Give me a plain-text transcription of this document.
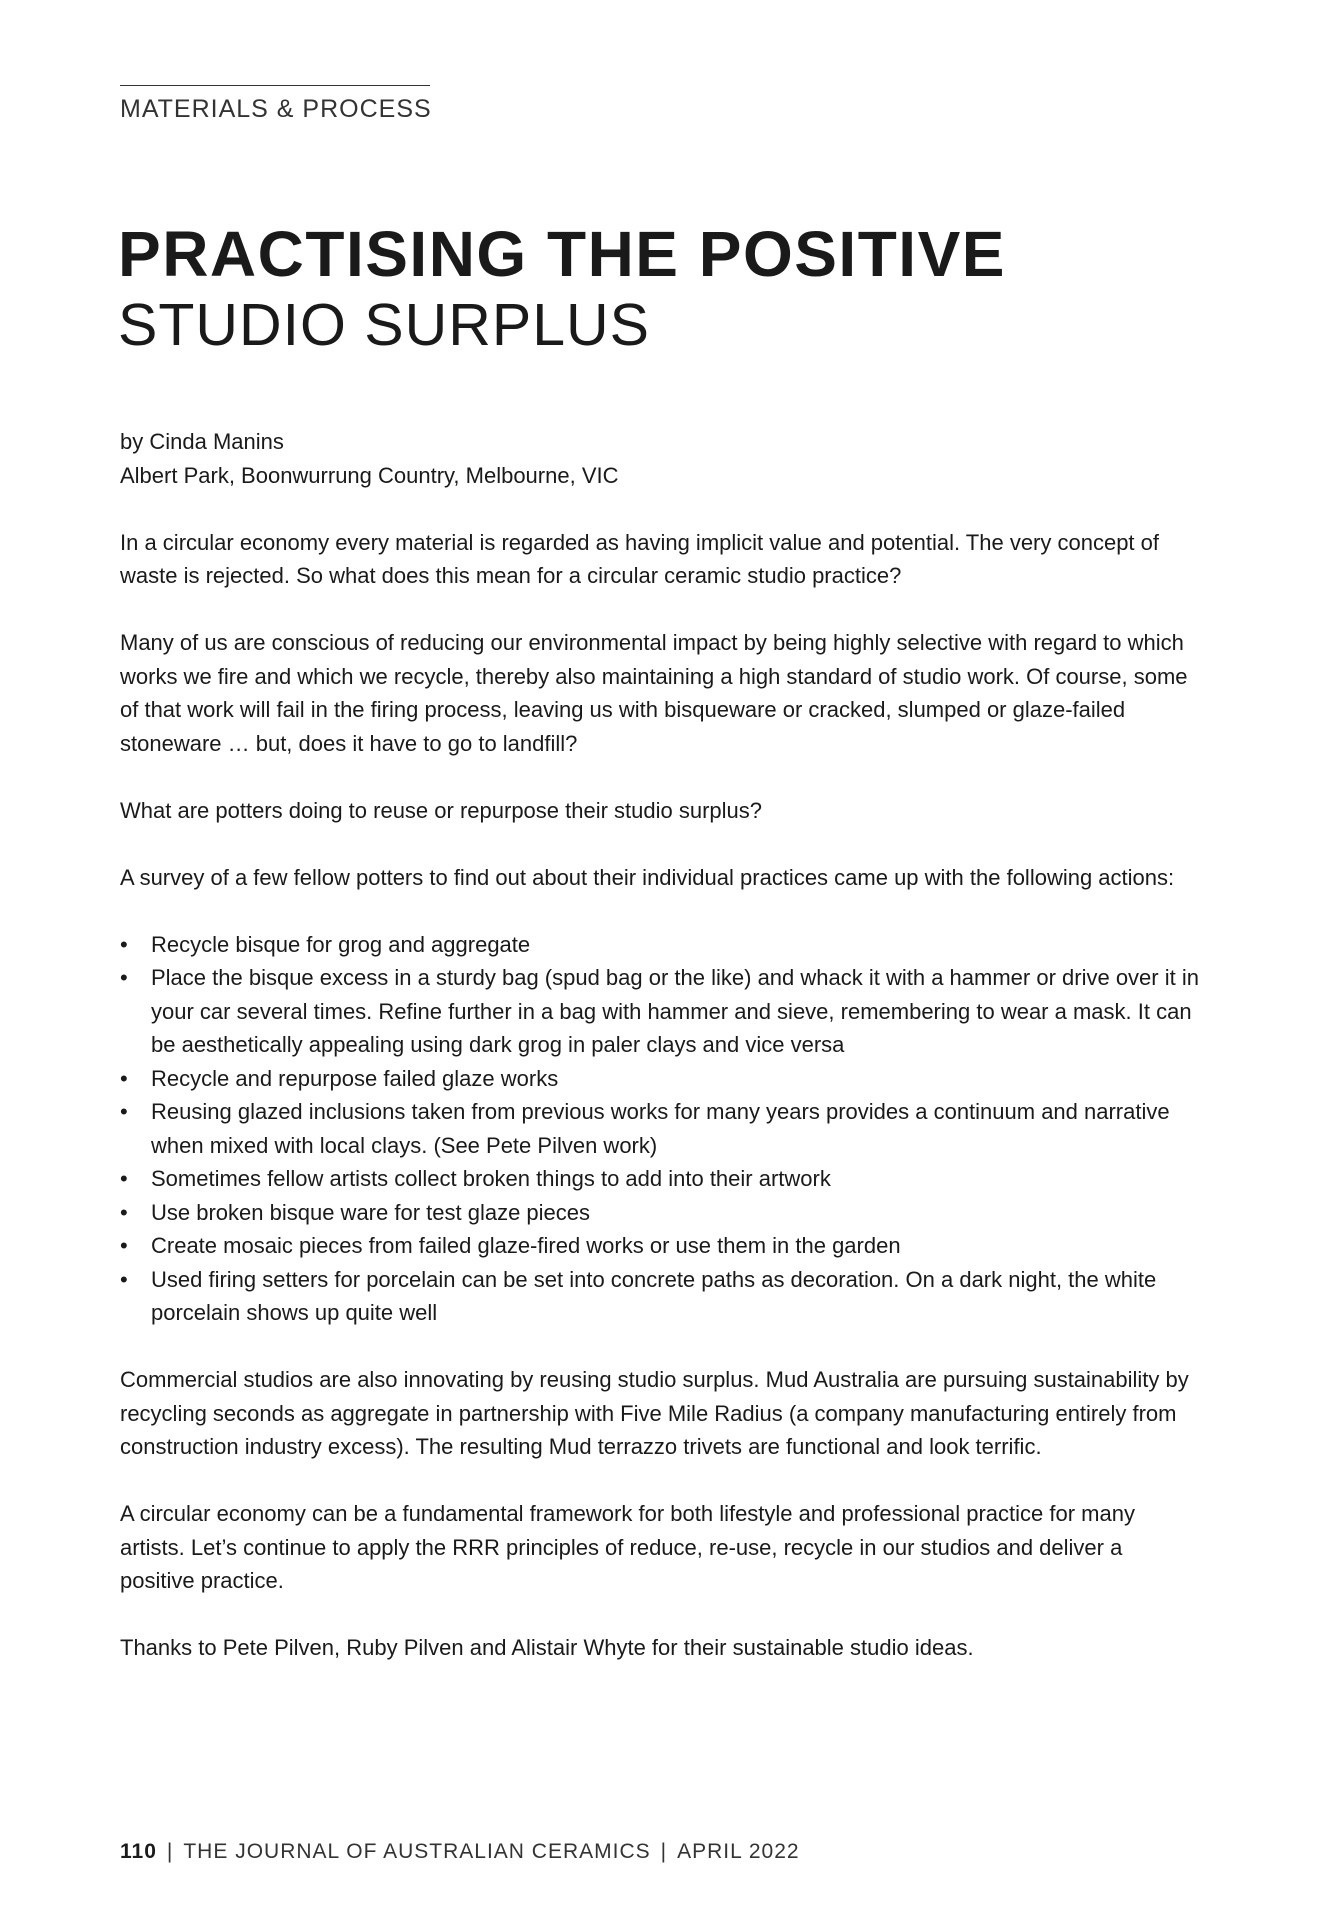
MATERIALS & PROCESS
PRACTISING THE POSITIVE
STUDIO SURPLUS

by Cinda Manins

Albert Park, Boonwurrung Country, Melbourne, VIC

In a circular economy every material is regarded as having implicit value and potential. The very concept of waste is rejected. So what does this mean for a circular ceramic studio practice?

Many of us are conscious of reducing our environmental impact by being highly selective with regard to which works we fire and which we recycle, thereby also maintaining a high standard of studio work. Of course, some of that work will fail in the firing process, leaving us with bisqueware or cracked, slumped or glaze-failed stoneware … but, does it have to go to landfill?

What are potters doing to reuse or repurpose their studio surplus?

A survey of a few fellow potters to find out about their individual practices came up with the following actions:

•	Recycle bisque for grog and aggregate
•	Place the bisque excess in a sturdy bag (spud bag or the like) and whack it with a hammer or drive over it in your car several times. Refine further in a bag with hammer and sieve, remembering to wear a mask. It can be aesthetically appealing using dark grog in paler clays and vice versa
•	Recycle and repurpose failed glaze works
•	Reusing glazed inclusions taken from previous works for many years provides a continuum and narrative when mixed with local clays. (See Pete Pilven work)
•	Sometimes fellow artists collect broken things to add into their artwork
•	Use broken bisque ware for test glaze pieces
•	Create mosaic pieces from failed glaze-fired works or use them in the garden
•	Used firing setters for porcelain can be set into concrete paths as decoration. On a dark night, the white porcelain shows up quite well

Commercial studios are also innovating by reusing studio surplus. Mud Australia are pursuing sustainability by recycling seconds as aggregate in partnership with Five Mile Radius (a company manufacturing entirely from construction industry excess). The resulting Mud terrazzo trivets are functional and look terrific.

A circular economy can be a fundamental framework for both lifestyle and professional practice for many artists. Let’s continue to apply the RRR principles of reduce, re-use, recycle in our studios and deliver a positive practice.

Thanks to Pete Pilven, Ruby Pilven and Alistair Whyte for their sustainable studio ideas.

110 | THE JOURNAL OF AUSTRALIAN CERAMICS | APRIL 2022
